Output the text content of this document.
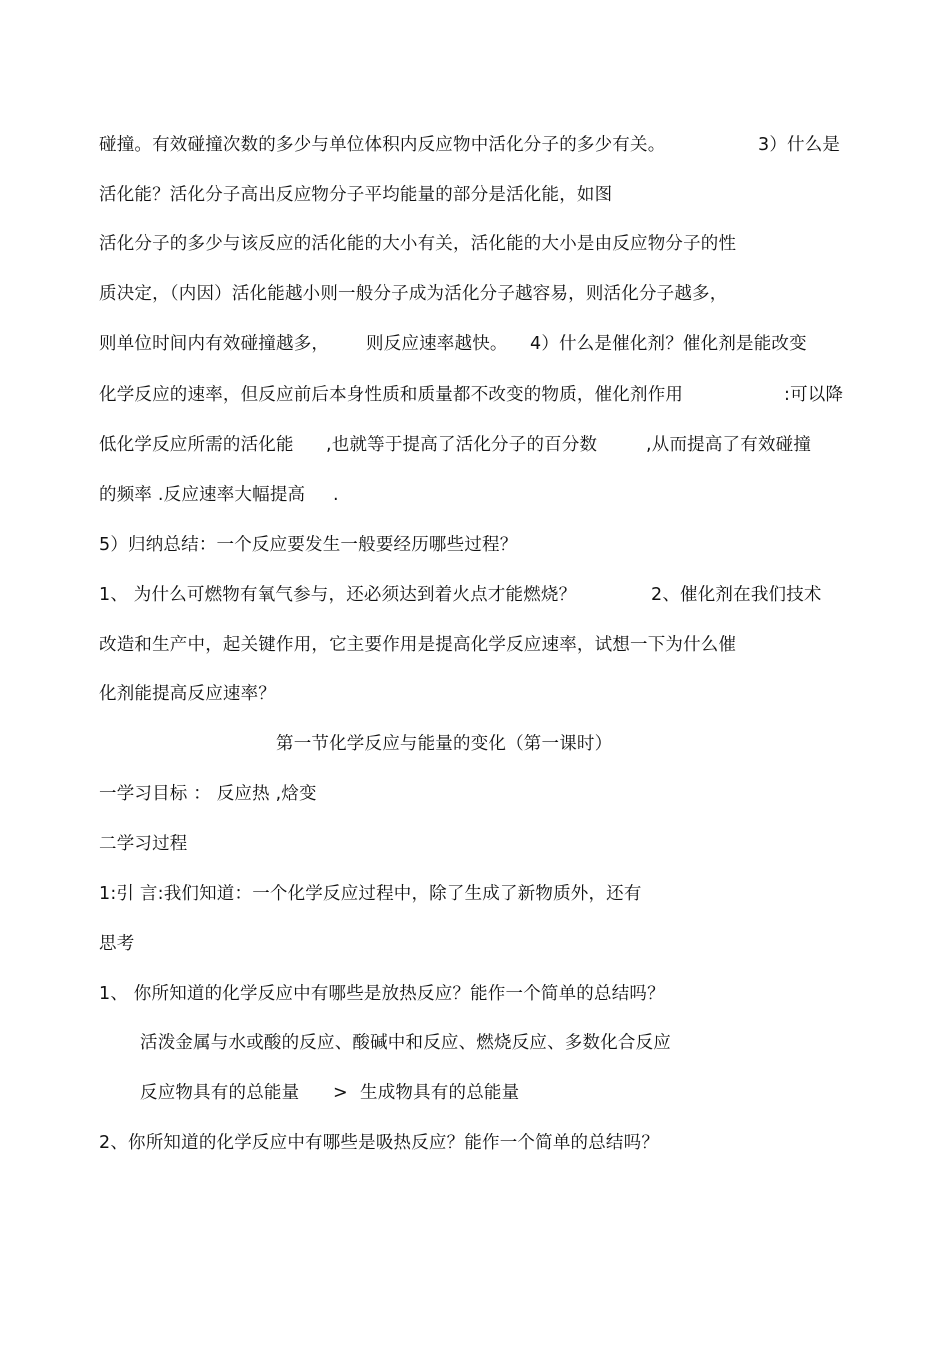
碰撞。有效碰撞次数的多少与单位体积内反应物中活化分子的多少有关。	3）什么是
活化能？活化分子高出反应物分子平均能量的部分是活化能，如图
活化分子的多少与该反应的活化能的大小有关，活化能的大小是由反应物分子的性
质决定，（内因）活化能越小则一般分子成为活化分子越容易，则活化分子越多，
则单位时间内有效碰撞越多， 则反应速率越快。 4）什么是催化剂？催化剂是能改变
化学反应的速率，但反应前后本身性质和质量都不改变的物质，催化剂作用	:可以降
低化学反应所需的活化能 ,也就等于提高了活化分子的百分数	,从而提高了有效碰撞
的频率 .反应速率大幅提高 .
5）归纳总结：一个反应要发生一般要经历哪些过程？
1、 为什么可燃物有氧气参与，还必须达到着火点才能燃烧？	2、催化剂在我们技术
改造和生产中，起关键作用，它主要作用是提高化学反应速率，试想一下为什么催
化剂能提高反应速率？
第一节化学反应与能量的变化（第一课时）
一学习目标 ： 反应热 ,焓变
二学习过程
1:引 言:我们知道：一个化学反应过程中，除了生成了新物质外，还有
思考
1、 你所知道的化学反应中有哪些是放热反应？能作一个简单的总结吗？
活泼金属与水或酸的反应、酸碱中和反应、燃烧反应、多数化合反应
反应物具有的总能量 > 生成物具有的总能量
2、你所知道的化学反应中有哪些是吸热反应？能作一个简单的总结吗？
